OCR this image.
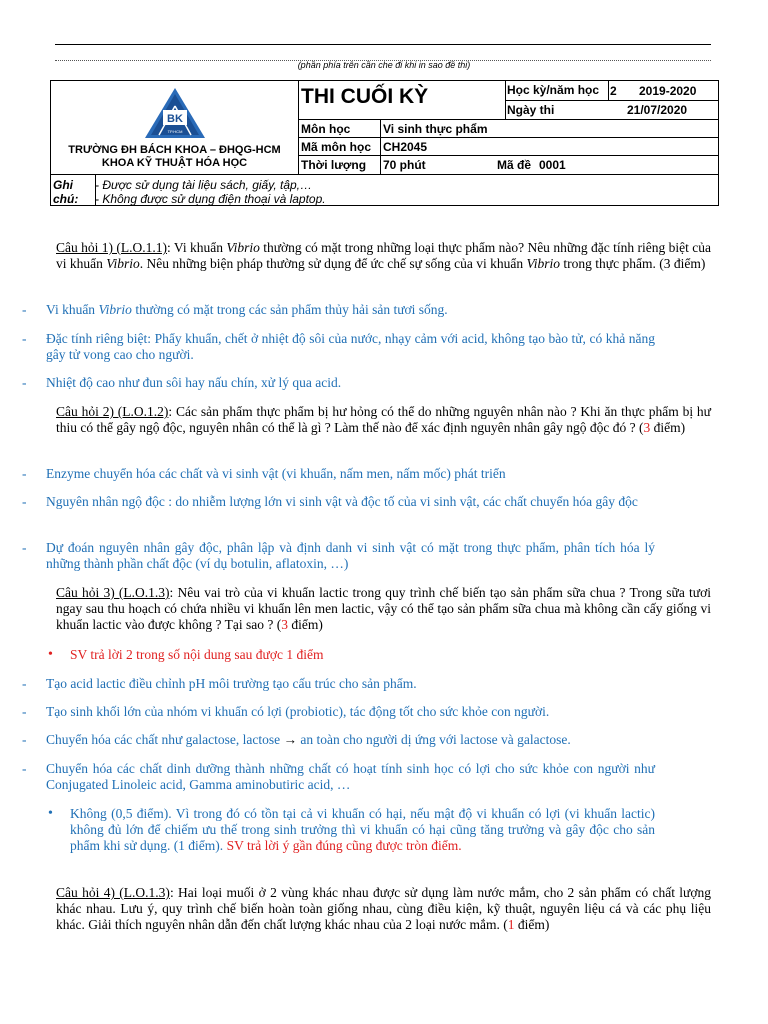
(phần phía trên cần che đi khi in sao đề thi)
BK
TP.HCM
TRƯỜNG ĐH BÁCH KHOA – ĐHQG-HCM
KHOA KỸ THUẬT HÓA HỌC
THI CUỐI KỲ	Học kỳ/năm học 2 2019-2020
Ngày thi	21/07/2020
Môn học	Vi sinh thực phẩm
Mã môn học CH2045
Thời lượng 70 phút	Mã đề 0001
Ghi
chú:
- Được sử dụng tài liệu sách, giấy, tập,…
- Không được sử dụng điện thoại và laptop.

Câu hỏi 1) (L.O.1.1): Vi khuẩn Vibrio thường có mặt trong những loại thực phẩm nào? Nêu những đặc tính riêng biệt của vi khuẩn Vibrio. Nêu những biện pháp thường sử dụng để ức chế sự sống của vi khuẩn Vibrio trong thực phẩm. (3 điểm)

- Vi khuẩn Vibrio thường có mặt trong các sản phẩm thủy hải sản tươi sống.
- Đặc tính riêng biệt: Phẩy khuẩn, chết ở nhiệt độ sôi của nước, nhạy cảm với acid, không tạo bào tử, có khả năng gây tử vong cao cho người.
- Nhiệt độ cao như đun sôi hay nấu chín, xử lý qua acid.

Câu hỏi 2) (L.O.1.2): Các sản phẩm thực phẩm bị hư hỏng có thể do những nguyên nhân nào ? Khi ăn thực phẩm bị hư thiu có thể gây ngộ độc, nguyên nhân có thể là gì ? Làm thế nào để xác định nguyên nhân gây ngộ độc đó ? (3 điểm)

- Enzyme chuyển hóa các chất và vi sinh vật (vi khuẩn, nấm men, nấm mốc) phát triển
- Nguyên nhân ngộ độc : do nhiễm lượng lớn vi sinh vật và độc tố của vi sinh vật, các chất chuyển hóa gây độc
- Dự đoán nguyên nhân gây độc, phân lập và định danh vi sinh vật có mặt trong thực phẩm, phân tích hóa lý những thành phần chất độc (ví dụ botulin, aflatoxin, …)

Câu hỏi 3) (L.O.1.3): Nêu vai trò của vi khuẩn lactic trong quy trình chế biến tạo sản phẩm sữa chua ? Trong sữa tươi ngay sau thu hoạch có chứa nhiều vi khuẩn lên men lactic, vậy có thể tạo sản phẩm sữa chua mà không cần cấy giống vi khuẩn lactic vào được không ? Tại sao ? (3 điểm)

• SV trả lời 2 trong số nội dung sau được 1 điểm
- Tạo acid lactic điều chỉnh pH môi trường tạo cấu trúc cho sản phẩm.
- Tạo sinh khối lớn của nhóm vi khuẩn có lợi (probiotic), tác động tốt cho sức khỏe con người.
- Chuyển hóa các chất như galactose, lactose → an toàn cho người dị ứng với lactose và galactose.
- Chuyển hóa các chất dinh dưỡng thành những chất có hoạt tính sinh học có lợi cho sức khỏe con người như Conjugated Linoleic acid, Gamma aminobutiric acid, …
• Không (0,5 điểm). Vì trong đó có tồn tại cả vi khuẩn có hại, nếu mật độ vi khuẩn có lợi (vi khuẩn lactic) không đủ lớn để chiếm ưu thế trong sinh trưởng thì vi khuẩn có hại cũng tăng trưởng và gây độc cho sản phẩm khi sử dụng. (1 điểm). SV trả lời ý gần đúng cũng được tròn điểm.

Câu hỏi 4) (L.O.1.3): Hai loại muối ở 2 vùng khác nhau được sử dụng làm nước mắm, cho 2 sản phẩm có chất lượng khác nhau. Lưu ý, quy trình chế biến hoàn toàn giống nhau, cùng điều kiện, kỹ thuật, nguyên liệu cá và các phụ liệu khác. Giải thích nguyên nhân dẫn đến chất lượng khác nhau của 2 loại nước mắm. (1 điểm)
